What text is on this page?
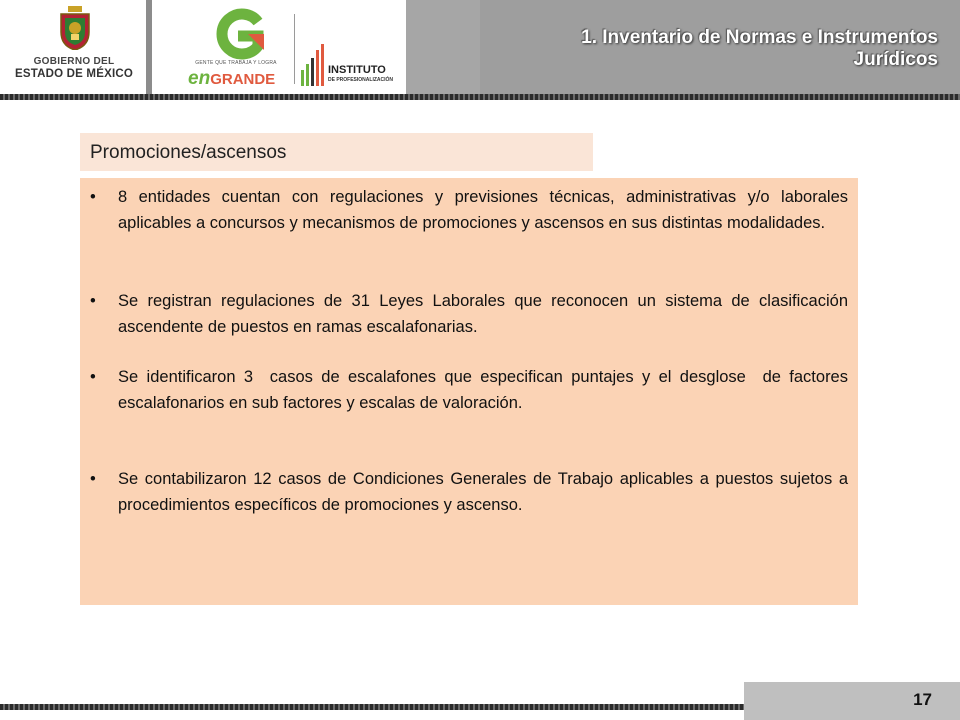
GOBIERNO DEL
ESTADO DE MÉXICO
GENTE QUE TRABAJA Y LOGRA
enGRANDE
INSTITUTO
DE PROFESIONALIZACIÓN
1. Inventario de Normas e Instrumentos Jurídicos
Promociones/ascensos
• 8 entidades cuentan con regulaciones y previsiones técnicas, administrativas y/o laborales aplicables a concursos y mecanismos de promociones y ascensos en sus distintas modalidades.
• Se registran regulaciones de 31 Leyes Laborales que reconocen un sistema de clasificación ascendente de puestos en ramas escalafonarias.
• Se identificaron 3  casos de escalafones que especifican puntajes y el desglose  de factores escalafonarios en sub factores y escalas de valoración.
• Se contabilizaron 12 casos de Condiciones Generales de Trabajo aplicables a puestos sujetos a procedimientos específicos de promociones y ascenso.
17
